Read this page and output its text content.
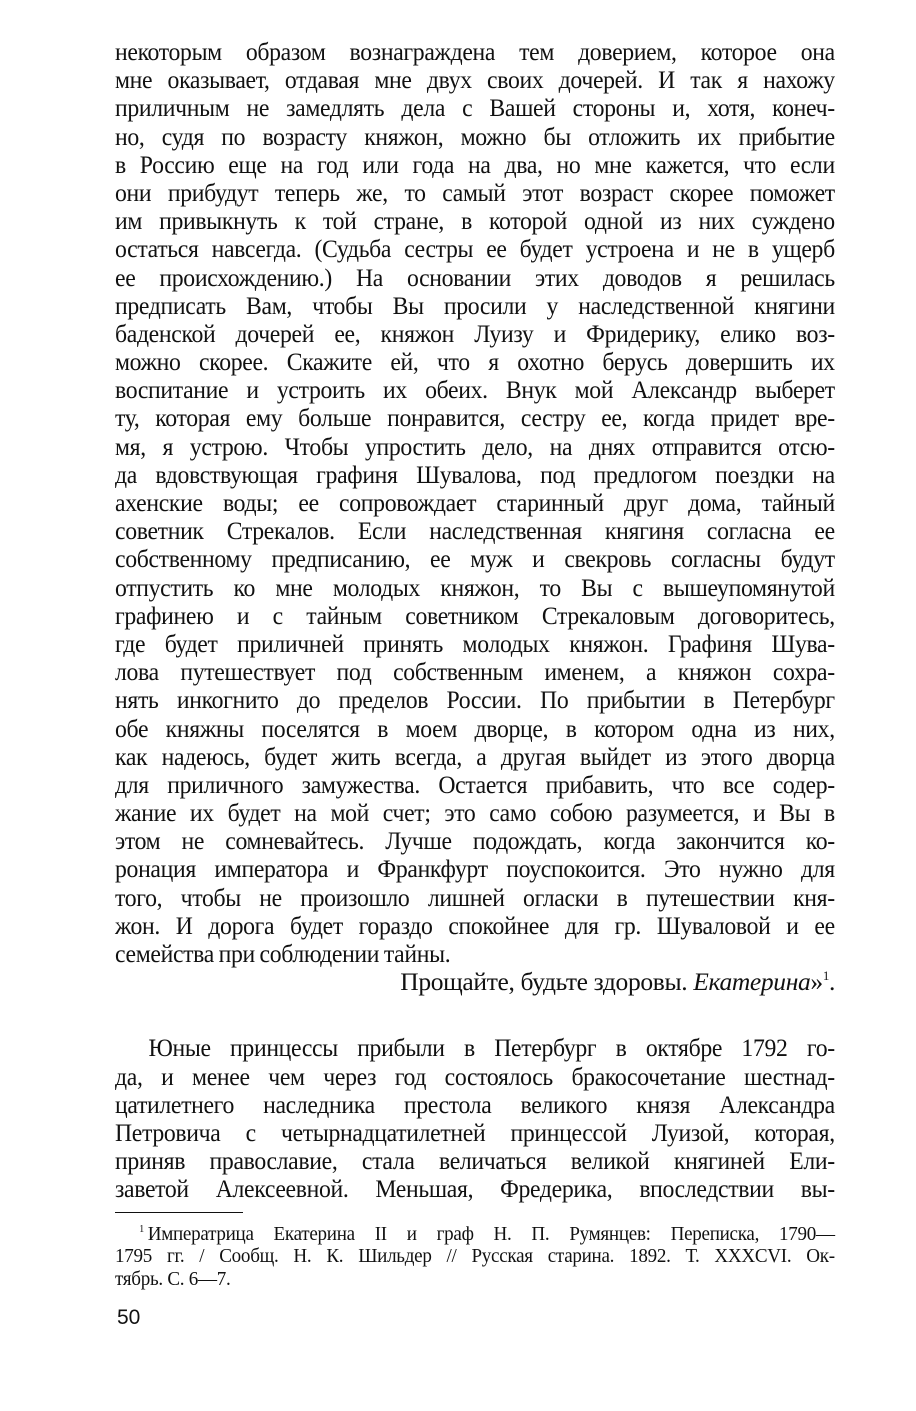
некоторым образом вознаграждена тем доверием, которое она
мне оказывает, отдавая мне двух своих дочерей. И так я нахожу
приличным не замедлять дела с Вашей стороны и, хотя, конеч-
но, судя по возрасту княжон, можно бы отложить их прибытие
в Россию еще на год или года на два, но мне кажется, что если
они прибудут теперь же, то самый этот возраст скорее поможет
им привыкнуть к той стране, в которой одной из них суждено
остаться навсегда. (Судьба сестры ее будет устроена и не в ущерб
ее происхождению.) На основании этих доводов я решилась
предписать Вам, чтобы Вы просили у наследственной княгини
баденской дочерей ее, княжон Луизу и Фридерику, елико воз-
можно скорее. Скажите ей, что я охотно берусь довершить их
воспитание и устроить их обеих. Внук мой Александр выберет
ту, которая ему больше понравится, сестру ее, когда придет вре-
мя, я устрою. Чтобы упростить дело, на днях отправится отсю-
да вдовствующая графиня Шувалова, под предлогом поездки на
ахенские воды; ее сопровождает старинный друг дома, тайный
советник Стрекалов. Если наследственная княгиня согласна ее
собственному предписанию, ее муж и свекровь согласны будут
отпустить ко мне молодых княжон, то Вы с вышеупомянутой
графинею и с тайным советником Стрекаловым договоритесь,
где будет приличней принять молодых княжон. Графиня Шува-
лова путешествует под собственным именем, а княжон сохра-
нять инкогнито до пределов России. По прибытии в Петербург
обе княжны поселятся в моем дворце, в котором одна из них,
как надеюсь, будет жить всегда, а другая выйдет из этого дворца
для приличного замужества. Остается прибавить, что все содер-
жание их будет на мой счет; это само собою разумеется, и Вы в
этом не сомневайтесь. Лучше подождать, когда закончится ко-
ронация императора и Франкфурт поуспокоится. Это нужно для
того, чтобы не произошло лишней огласки в путешествии кня-
жон. И дорога будет гораздо спокойнее для гр. Шуваловой и ее
семейства при соблюдении тайны.
Прощайте, будьте здоровы. Екатерина»$^1$.
Юные принцессы прибыли в Петербург в октябре 1792 го-
да, и менее чем через год состоялось бракосочетание шестнад-
цатилетнего наследника престола великого князя Александра
Петровича с четырнадцатилетней принцессой Луизой, которая,
приняв православие, стала величаться великой княгиней Ели-
заветой Алексеевной. Меньшая, Фредерика, впоследствии вы-
$^1$ Императрица Екатерина II и граф Н. П. Румянцев: Переписка, 1790—
1795 гг. / Сообщ. Н. К. Шильдер // Русская старина. 1892. Т. XXXCVI. Ок-
тябрь. С. 6—7.
50
